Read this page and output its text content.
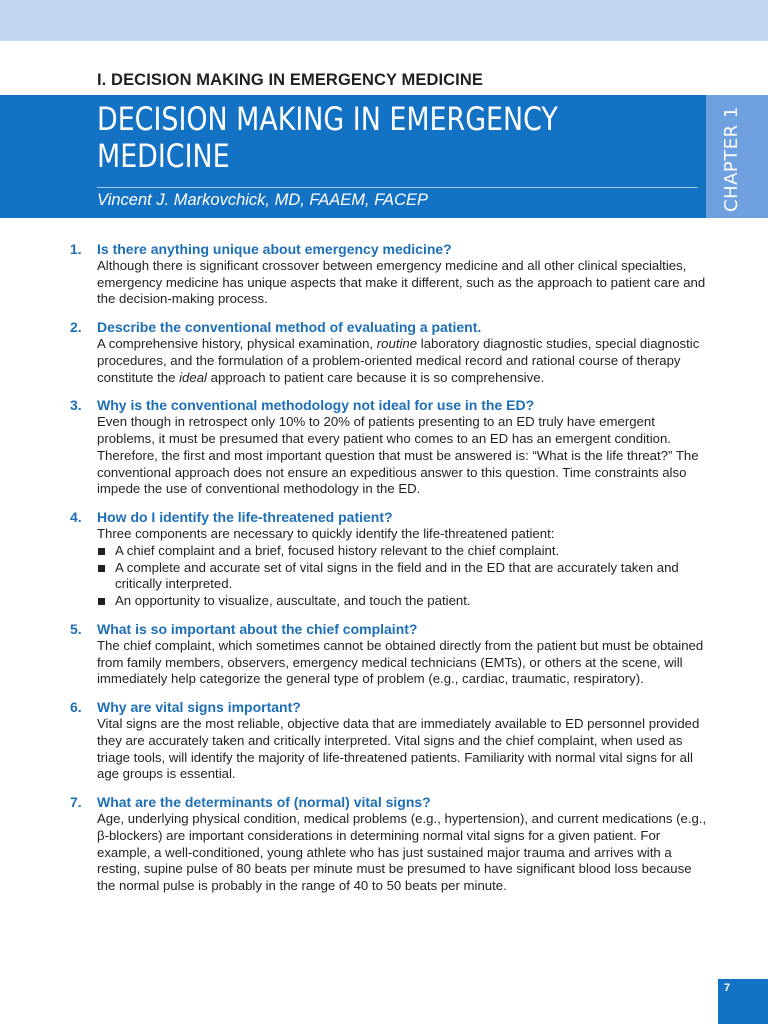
I. DECISION MAKING IN EMERGENCY MEDICINE
DECISION MAKING IN EMERGENCY
MEDICINE

Vincent J. Markovchick, MD, FAAEM, FACEP	CHAPTER 1
1.	Is there anything unique about emergency medicine?

Although there is significant crossover between emergency medicine and all other clinical specialties, emergency medicine has unique aspects that make it different, such as the approach to patient care and the decision-making process.

2.	Describe the conventional method of evaluating a patient.

A comprehensive history, physical examination, routine laboratory diagnostic studies, special diagnostic procedures, and the formulation of a problem-oriented medical record and rational course of therapy constitute the ideal approach to patient care because it is so comprehensive.

3.	Why is the conventional methodology not ideal for use in the ED?

Even though in retrospect only 10% to 20% of patients presenting to an ED truly have emergent problems, it must be presumed that every patient who comes to an ED has an emergent condition. Therefore, the first and most important question that must be answered is: “What is the life threat?” The conventional approach does not ensure an expeditious answer to this question. Time constraints also impede the use of conventional methodology in the ED.

4.	How do I identify the life-threatened patient?

Three components are necessary to quickly identify the life-threatened patient:

A chief complaint and a brief, focused history relevant to the chief complaint.
A complete and accurate set of vital signs in the field and in the ED that are accurately taken and critically interpreted.
An opportunity to visualize, auscultate, and touch the patient.
5.	What is so important about the chief complaint?

The chief complaint, which sometimes cannot be obtained directly from the patient but must be obtained from family members, observers, emergency medical technicians (EMTs), or others at the scene, will immediately help categorize the general type of problem (e.g., cardiac, traumatic, respiratory).

6.	Why are vital signs important?

Vital signs are the most reliable, objective data that are immediately available to ED personnel provided they are accurately taken and critically interpreted. Vital signs and the chief complaint, when used as triage tools, will identify the majority of life-threatened patients. Familiarity with normal vital signs for all age groups is essential.

7.	What are the determinants of (normal) vital signs?

Age, underlying physical condition, medical problems (e.g., hypertension), and current medications (e.g., β-blockers) are important considerations in determining normal vital signs for a given patient. For example, a well-conditioned, young athlete who has just sustained major trauma and arrives with a resting, supine pulse of 80 beats per minute must be presumed to have significant blood loss because the normal pulse is probably in the range of 40 to 50 beats per minute.

7
